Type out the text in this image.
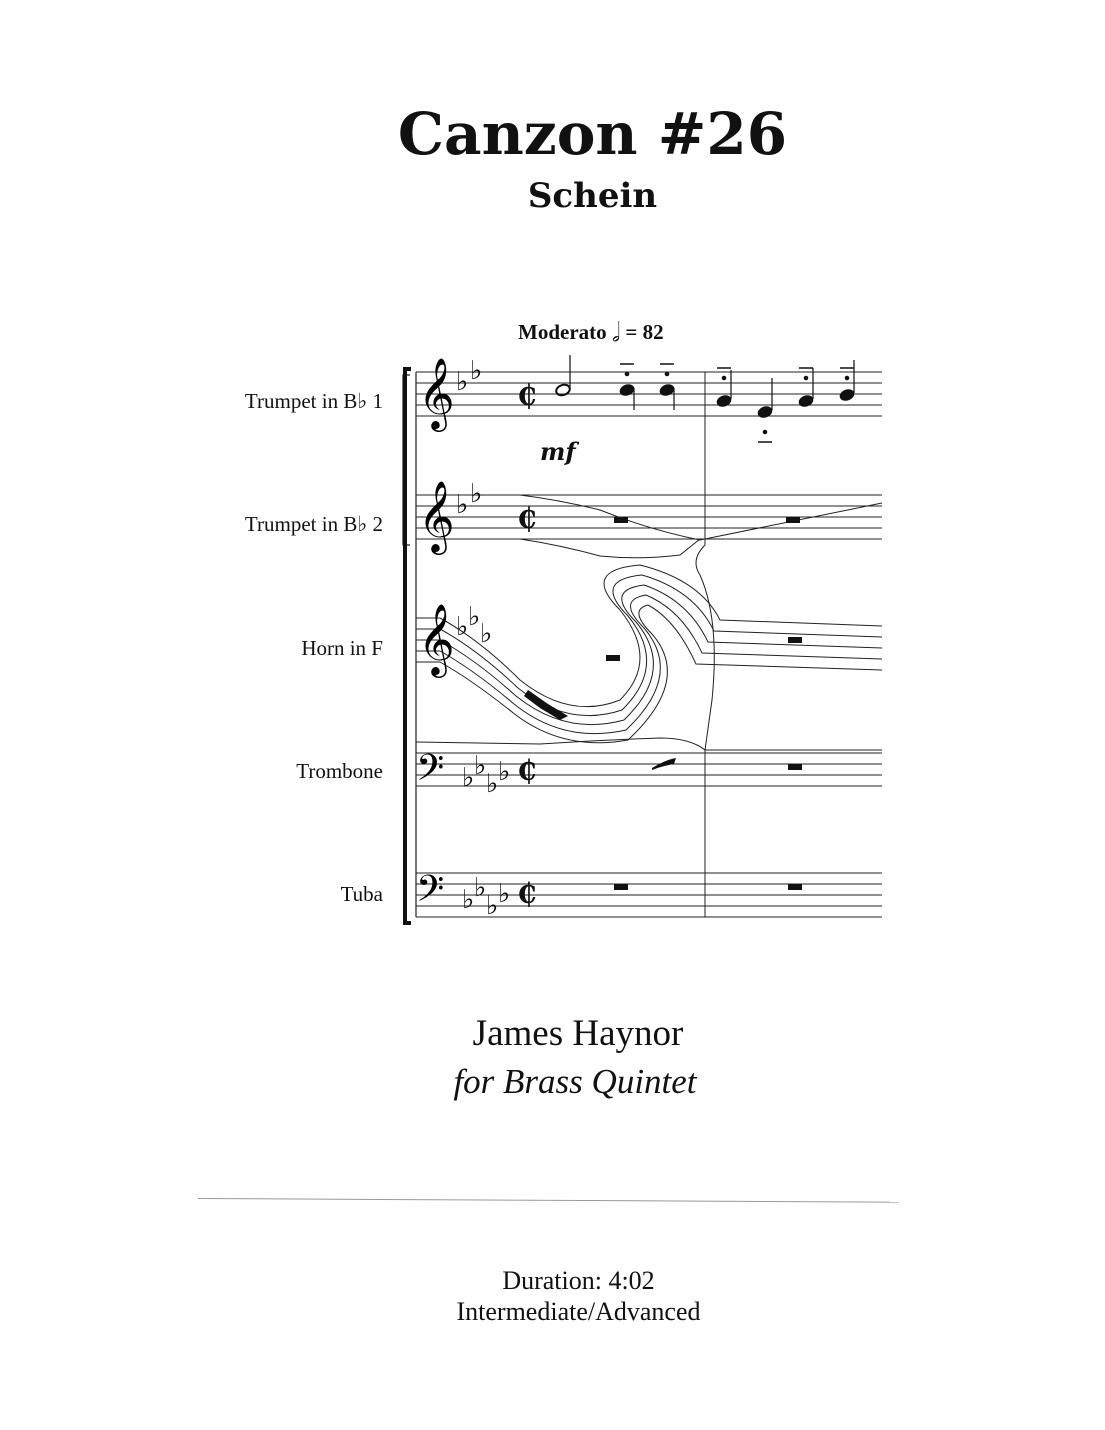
Canzon #26
Schein
Moderato 𝅗𝅥 = 82
Trumpet in B♭ 1
Trumpet in B♭ 2
Horn in F
Trombone
Tuba
𝄞
𝄞
𝄞
𝄢
𝄢
♭ ♭
♭ ♭
♭ ♭
♭
♭ ♭
♭ ♭
♭ ♭
♭ ♭
₵
₵
₵
₵
mf
James Haynor
for Brass Quintet
Duration: 4:02
Intermediate/Advanced
